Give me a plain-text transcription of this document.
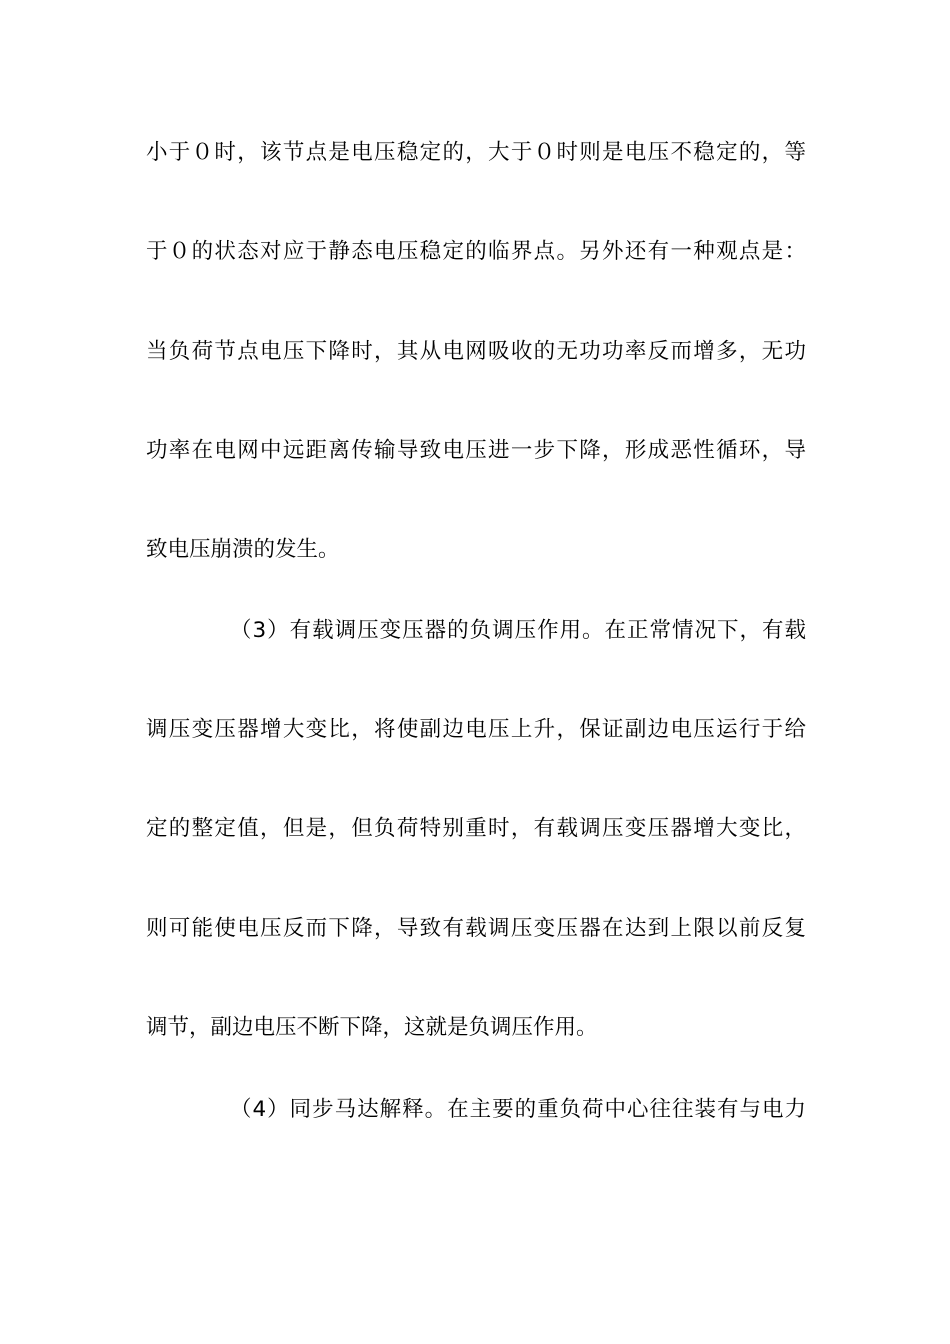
小于０时，该节点是电压稳定的，大于０时则是电压不稳定的，等
于０的状态对应于静态电压稳定的临界点。另外还有一种观点是：
当负荷节点电压下降时，其从电网吸收的无功功率反而增多，无功
功率在电网中远距离传输导致电压进一步下降，形成恶性循环，导
致电压崩溃的发生。
（3）有载调压变压器的负调压作用。在正常情况下，有载
调压变压器增大变比，将使副边电压上升，保证副边电压运行于给
定的整定值，但是，但负荷特别重时，有载调压变压器增大变比，
则可能使电压反而下降，导致有载调压变压器在达到上限以前反复
调节，副边电压不断下降，这就是负调压作用。
（4）同步马达解释。在主要的重负荷中心往往装有与电力
